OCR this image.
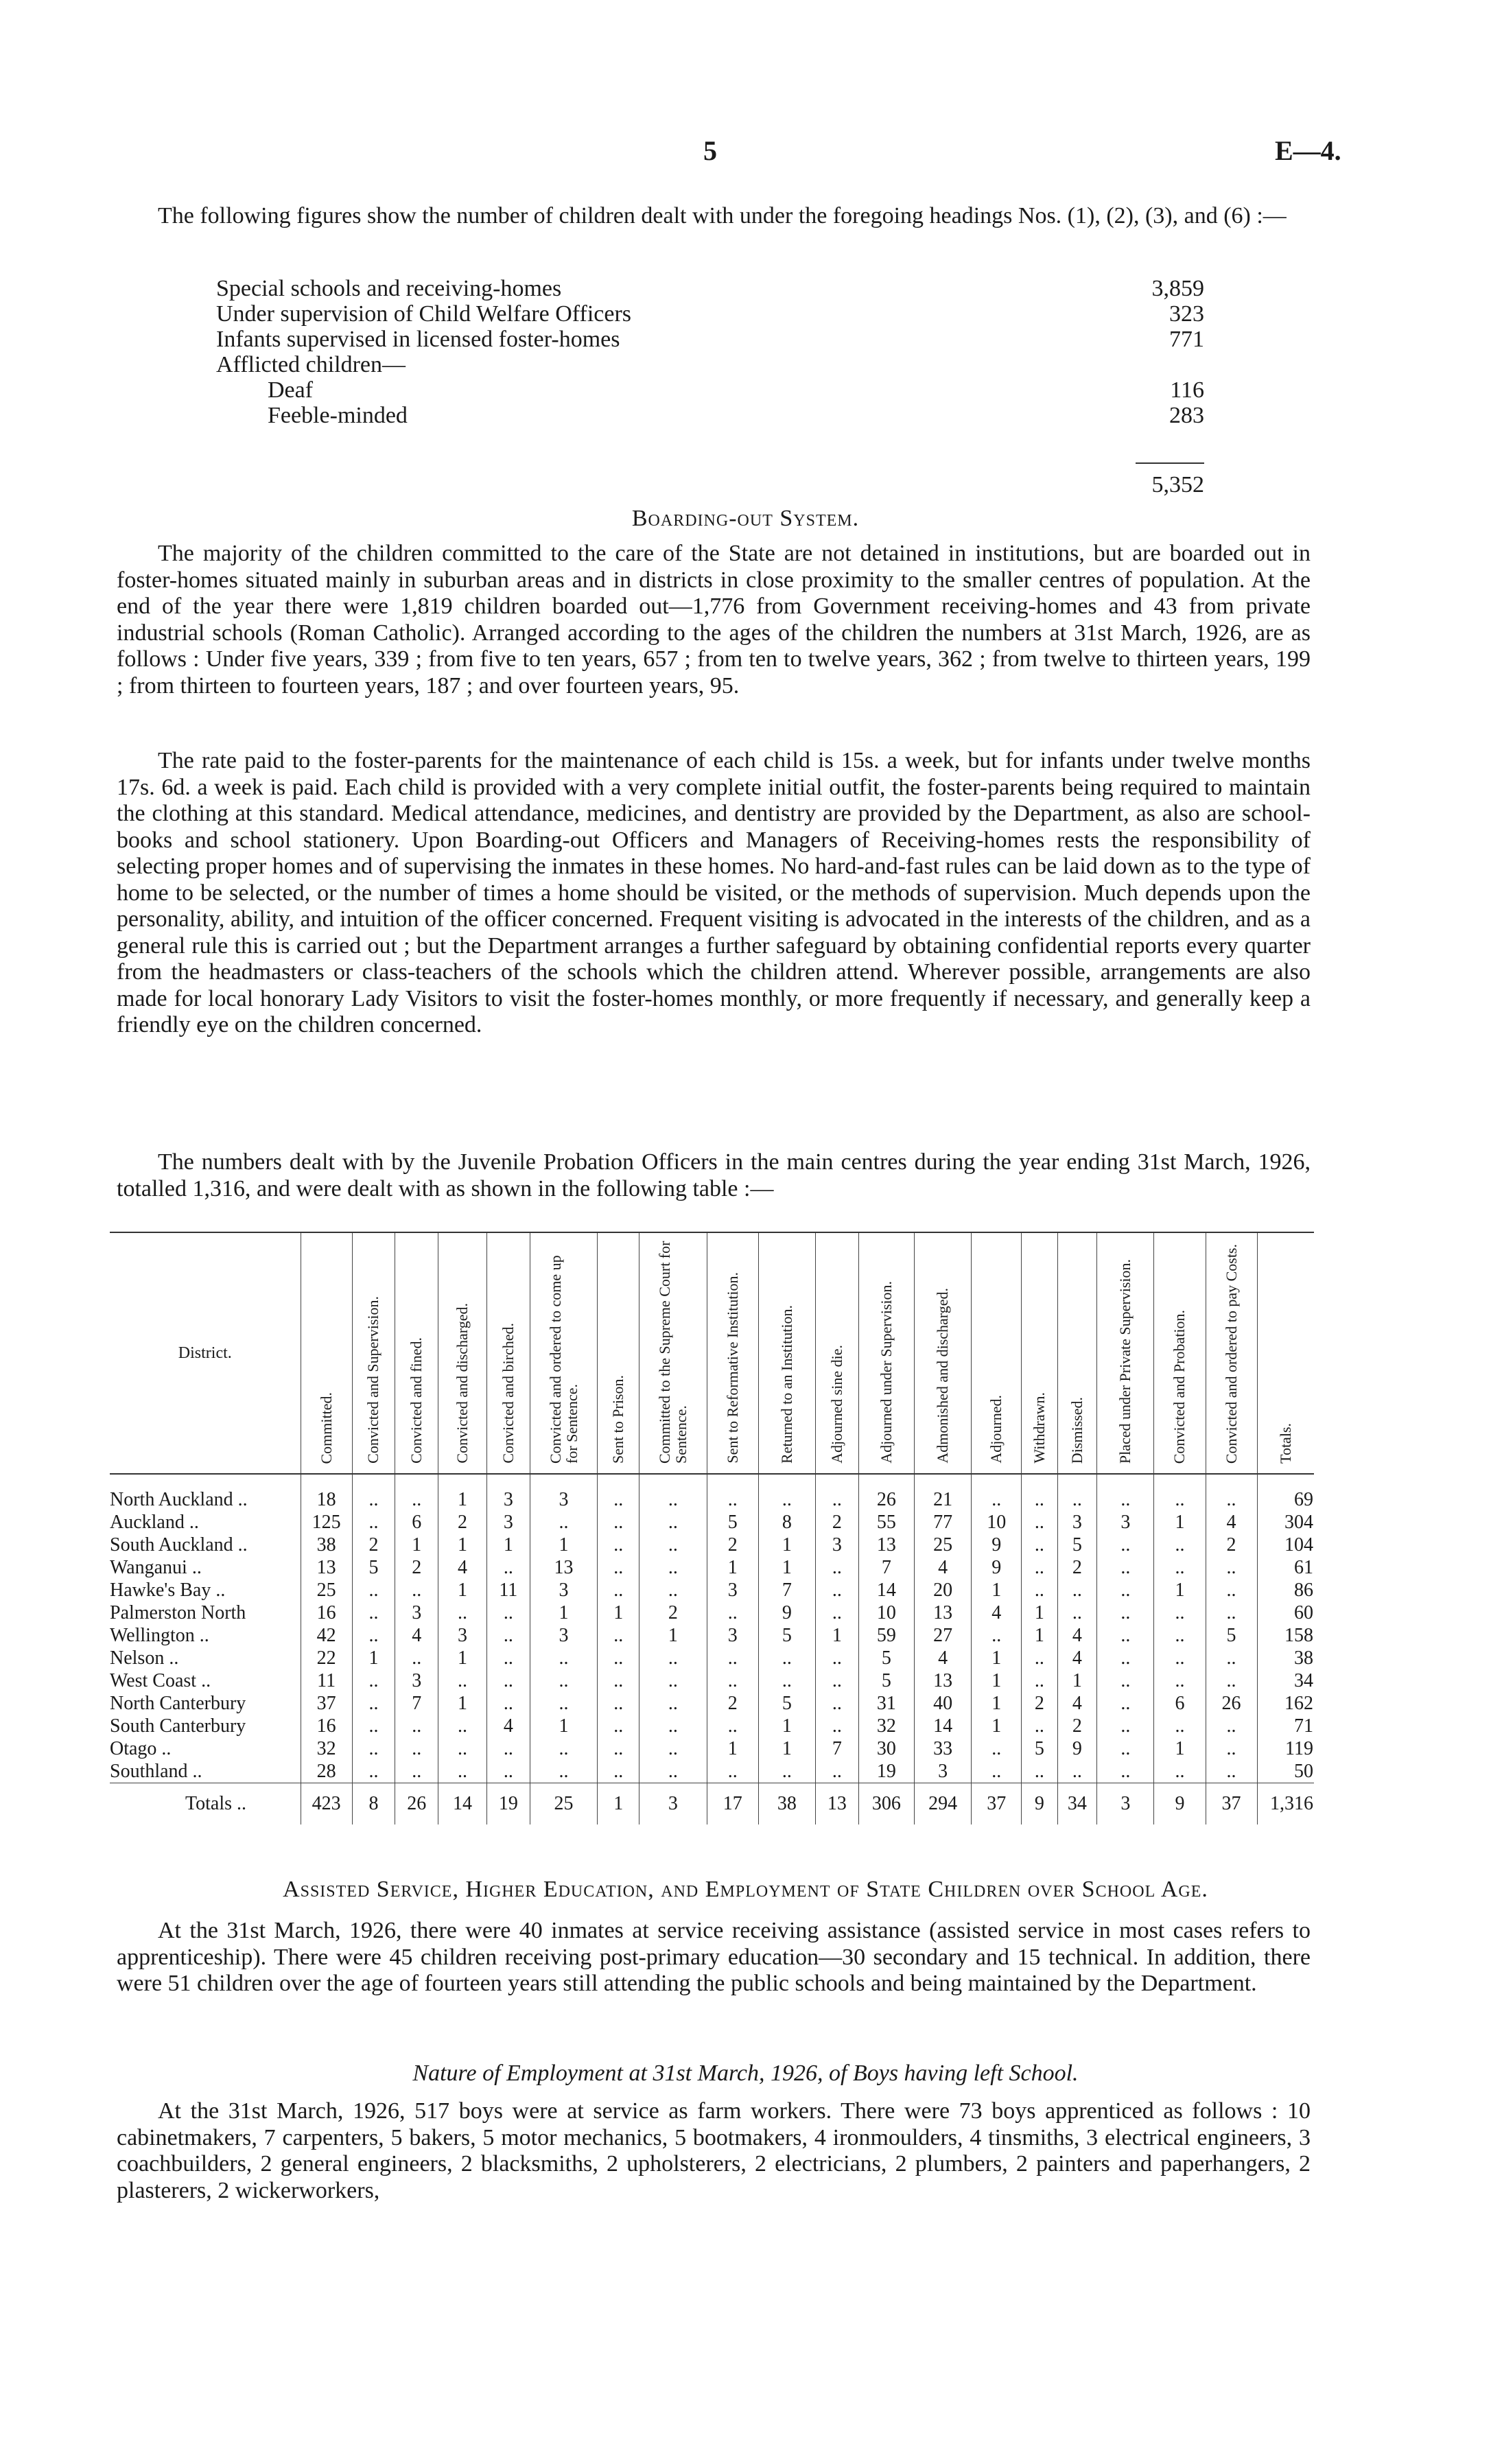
5	E—4.
The following figures show the number of children dealt with under the foregoing headings Nos. (1), (2), (3), and (6) :—
Special schools and receiving-homes	3,859
Under supervision of Child Welfare Officers	323
Infants supervised in licensed foster-homes	771
Afflicted children—
Deaf	116
Feeble-minded	283
5,352
Boarding-out System.
The majority of the children committed to the care of the State are not detained in institutions, but are boarded out in foster-homes situated mainly in suburban areas and in districts in close proximity to the smaller centres of population. At the end of the year there were 1,819 children boarded out—1,776 from Government receiving-homes and 43 from private industrial schools (Roman Catholic). Arranged according to the ages of the children the numbers at 31st March, 1926, are as follows : Under five years, 339 ; from five to ten years, 657 ; from ten to twelve years, 362 ; from twelve to thirteen years, 199 ; from thirteen to fourteen years, 187 ; and over fourteen years, 95.
The rate paid to the foster-parents for the maintenance of each child is 15s. a week, but for infants under twelve months 17s. 6d. a week is paid. Each child is provided with a very complete initial outfit, the foster-parents being required to maintain the clothing at this standard. Medical attendance, medicines, and dentistry are provided by the Department, as also are school-books and school stationery. Upon Boarding-out Officers and Managers of Receiving-homes rests the responsibility of selecting proper homes and of supervising the inmates in these homes. No hard-and-fast rules can be laid down as to the type of home to be selected, or the number of times a home should be visited, or the methods of supervision. Much depends upon the personality, ability, and intuition of the officer concerned. Frequent visiting is advocated in the interests of the children, and as a general rule this is carried out ; but the Department arranges a further safeguard by obtaining confidential reports every quarter from the headmasters or class-teachers of the schools which the children attend. Wherever possible, arrangements are also made for local honorary Lady Visitors to visit the foster-homes monthly, or more frequently if necessary, and generally keep a friendly eye on the children concerned.
The numbers dealt with by the Juvenile Probation Officers in the main centres during the year ending 31st March, 1926, totalled 1,316, and were dealt with as shown in the following table :—
District.	Committed.	Convicted and Supervision.	Convicted and fined.	Convicted and discharged.	Convicted and birched.	Convicted and ordered to come up for Sentence.	Sent to Prison.	Committed to the Supreme Court for Sentence.	Sent to Reformative Institution.	Returned to an Institution.	Adjourned sine die.	Adjourned under Supervision.	Admonished and discharged.	Adjourned.	Withdrawn.	Dismissed.	Placed under Private Supervision.	Convicted and Probation.	Convicted and ordered to pay Costs.	Totals.
North Auckland ..	18	..	..	1	3	3	..	..	..	..	..	26	21	..	..	..	..	..	..	69
Auckland ..	125	..	6	2	3	..	..	..	5	8	2	55	77	10	..	3	3	1	4	304
South Auckland ..	38	2	1	1	1	1	..	..	2	1	3	13	25	9	..	5	..	..	2	104
Wanganui ..	13	5	2	4	..	13	..	..	1	1	..	7	4	9	..	2	..	..	..	61
Hawke's Bay ..	25	..	..	1	11	3	..	..	3	7	..	14	20	1	..	..	..	1	..	86
Palmerston North	16	..	3	..	..	1	1	2	..	9	..	10	13	4	1	..	..	..	..	60
Wellington ..	42	..	4	3	..	3	..	1	3	5	1	59	27	..	1	4	..	..	5	158
Nelson ..	22	1	..	1	..	..	..	..	..	..	..	5	4	1	..	4	..	..	..	38
West Coast ..	11	..	3	..	..	..	..	..	..	..	..	5	13	1	..	1	..	..	..	34
North Canterbury	37	..	7	1	..	..	..	..	2	5	..	31	40	1	2	4	..	6	26	162
South Canterbury	16	..	..	..	4	1	..	..	..	1	..	32	14	1	..	2	..	..	..	71
Otago ..	32	..	..	..	..	..	..	..	1	1	7	30	33	..	5	9	..	1	..	119
Southland ..	28	..	..	..	..	..	..	..	..	..	..	19	3	..	..	..	..	..	..	50
Totals ..	423	8	26	14	19	25	1	3	17	38	13	306	294	37	9	34	3	9	37	1,316
Assisted Service, Higher Education, and Employment of State Children over School Age.
At the 31st March, 1926, there were 40 inmates at service receiving assistance (assisted service in most cases refers to apprenticeship). There were 45 children receiving post-primary education—30 secondary and 15 technical. In addition, there were 51 children over the age of fourteen years still attending the public schools and being maintained by the Department.
Nature of Employment at 31st March, 1926, of Boys having left School.
At the 31st March, 1926, 517 boys were at service as farm workers. There were 73 boys apprenticed as follows : 10 cabinetmakers, 7 carpenters, 5 bakers, 5 motor mechanics, 5 bootmakers, 4 ironmoulders, 4 tinsmiths, 3 electrical engineers, 3 coachbuilders, 2 general engineers, 2 blacksmiths, 2 upholsterers, 2 electricians, 2 plumbers, 2 painters and paperhangers, 2 plasterers, 2 wickerworkers,
